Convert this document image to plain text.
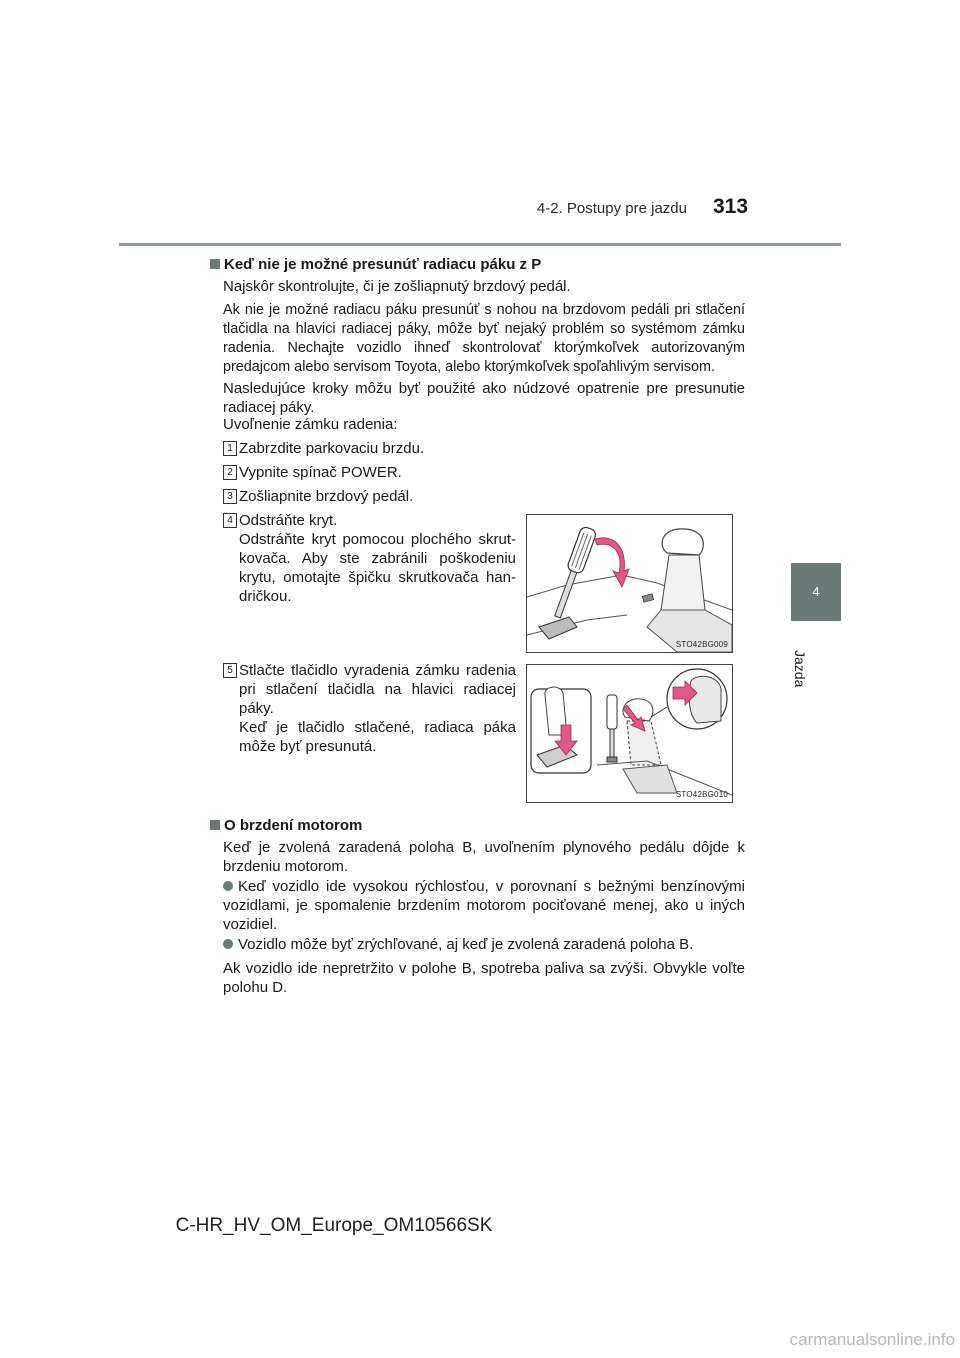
4-2. Postupy pre jazdu 313
4
Jazda
Keď nie je možné presunúť radiacu páku z P
Najskôr skontrolujte, či je zošliapnutý brzdový pedál.
Ak nie je možné radiacu páku presunúť s nohou na brzdovom pedáli pri stlačení tlačidla na hlavici radiacej páky, môže byť nejaký problém so systémom zámku radenia. Nechajte vozidlo ihneď skontrolovať ktorýmkoľvek autorizovaným predajcom alebo servisom Toyota, alebo ktorýmkoľvek spoľahlivým servisom.
Nasledujúce kroky môžu byť použité ako núdzové opatrenie pre presunutie radiacej páky.
Uvoľnenie zámku radenia:
1 Zabrzdite parkovaciu brzdu.
2 Vypnite spínač POWER.
3 Zošliapnite brzdový pedál.
4 Odstráňte kryt.
Odstráňte kryt pomocou plochého skrutkovača. Aby ste zabránili poškodeniu krytu, omotajte špičku skrutkovača handričkou.
STO42BG009
5 Stlačte tlačidlo vyradenia zámku radenia pri stlačení tlačidla na hlavici radiacej páky.
Keď je tlačidlo stlačené, radiaca páka môže byť presunutá.
STO42BG010
O brzdení motorom
Keď je zvolená zaradená poloha B, uvoľnením plynového pedálu dôjde k brzdeniu motorom.
Keď vozidlo ide vysokou rýchlosťou, v porovnaní s bežnými benzínovými vozidlami, je spomalenie brzdením motorom pociťované menej, ako u iných vozidiel.
Vozidlo môže byť zrýchľované, aj keď je zvolená zaradená poloha B.
Ak vozidlo ide nepretržito v polohe B, spotreba paliva sa zvýši. Obvykle voľte polohu D.
C-HR_HV_OM_Europe_OM10566SK
carmanualsonline.info
